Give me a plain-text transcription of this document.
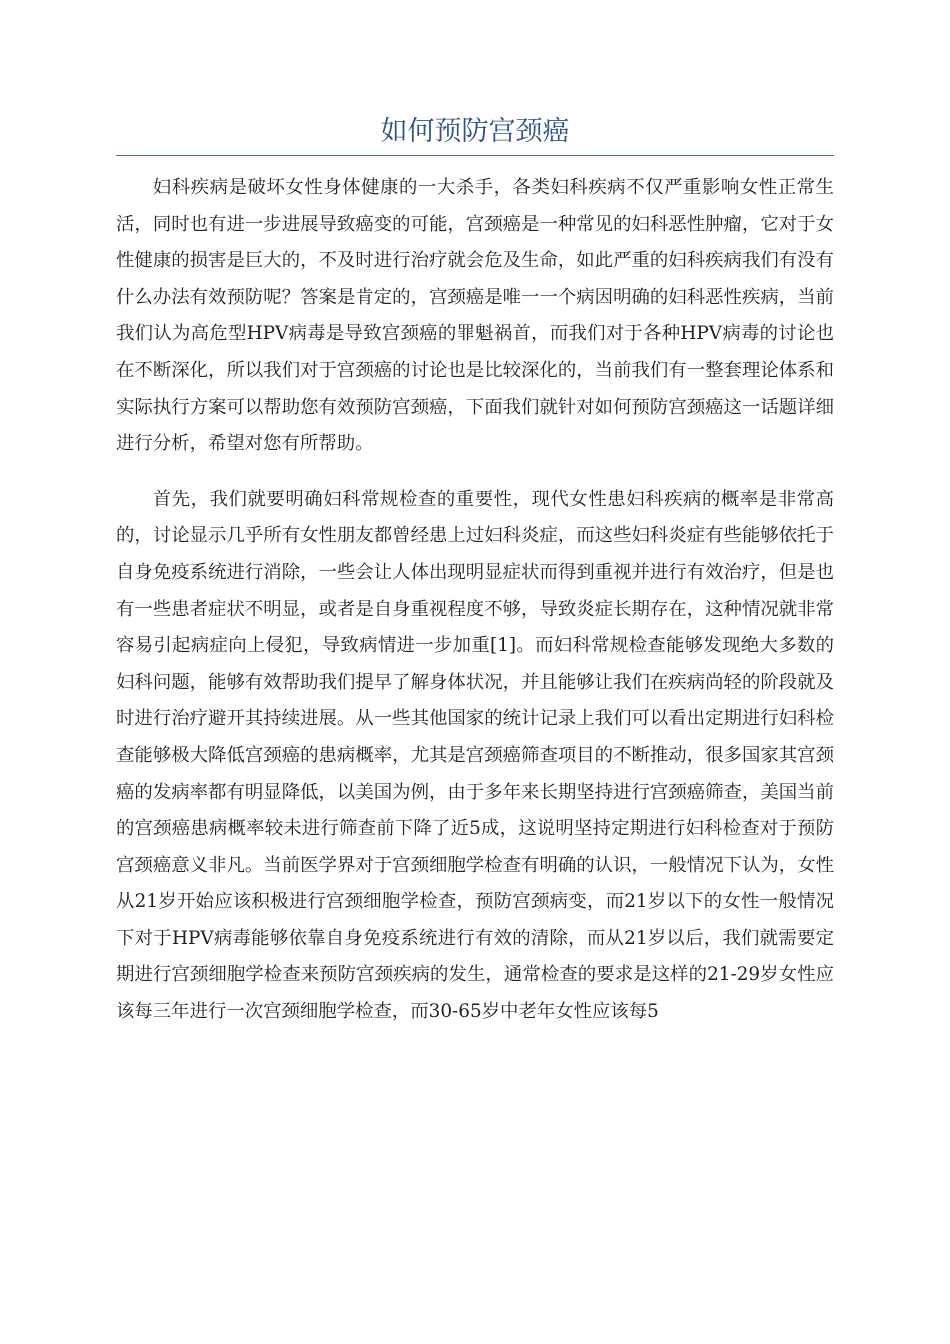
如何预防宫颈癌

妇科疾病是破坏女性身体健康的一大杀手，各类妇科疾病不仅严重影响女性正常生活，同时也有进一步进展导致癌变的可能，宫颈癌是一种常见的妇科恶性肿瘤，它对于女性健康的损害是巨大的，不及时进行治疗就会危及生命，如此严重的妇科疾病我们有没有什么办法有效预防呢？答案是肯定的，宫颈癌是唯一一个病因明确的妇科恶性疾病，当前我们认为高危型HPV病毒是导致宫颈癌的罪魁祸首，而我们对于各种HPV病毒的讨论也在不断深化，所以我们对于宫颈癌的讨论也是比较深化的，当前我们有一整套理论体系和实际执行方案可以帮助您有效预防宫颈癌，下面我们就针对如何预防宫颈癌这一话题详细进行分析，希望对您有所帮助。

首先，我们就要明确妇科常规检查的重要性，现代女性患妇科疾病的概率是非常高的，讨论显示几乎所有女性朋友都曾经患上过妇科炎症，而这些妇科炎症有些能够依托于自身免疫系统进行消除，一些会让人体出现明显症状而得到重视并进行有效治疗，但是也有一些患者症状不明显，或者是自身重视程度不够，导致炎症长期存在，这种情况就非常容易引起病症向上侵犯，导致病情进一步加重[1]。而妇科常规检查能够发现绝大多数的妇科问题，能够有效帮助我们提早了解身体状况，并且能够让我们在疾病尚轻的阶段就及时进行治疗避开其持续进展。从一些其他国家的统计记录上我们可以看出定期进行妇科检查能够极大降低宫颈癌的患病概率，尤其是宫颈癌筛查项目的不断推动，很多国家其宫颈癌的发病率都有明显降低，以美国为例，由于多年来长期坚持进行宫颈癌筛查，美国当前的宫颈癌患病概率较未进行筛查前下降了近5成，这说明坚持定期进行妇科检查对于预防宫颈癌意义非凡。当前医学界对于宫颈细胞学检查有明确的认识，一般情况下认为，女性从21岁开始应该积极进行宫颈细胞学检查，预防宫颈病变，而21岁以下的女性一般情况下对于HPV病毒能够依靠自身免疫系统进行有效的清除，而从21岁以后，我们就需要定期进行宫颈细胞学检查来预防宫颈疾病的发生，通常检查的要求是这样的21-29岁女性应该每三年进行一次宫颈细胞学检查，而30-65岁中老年女性应该每5
